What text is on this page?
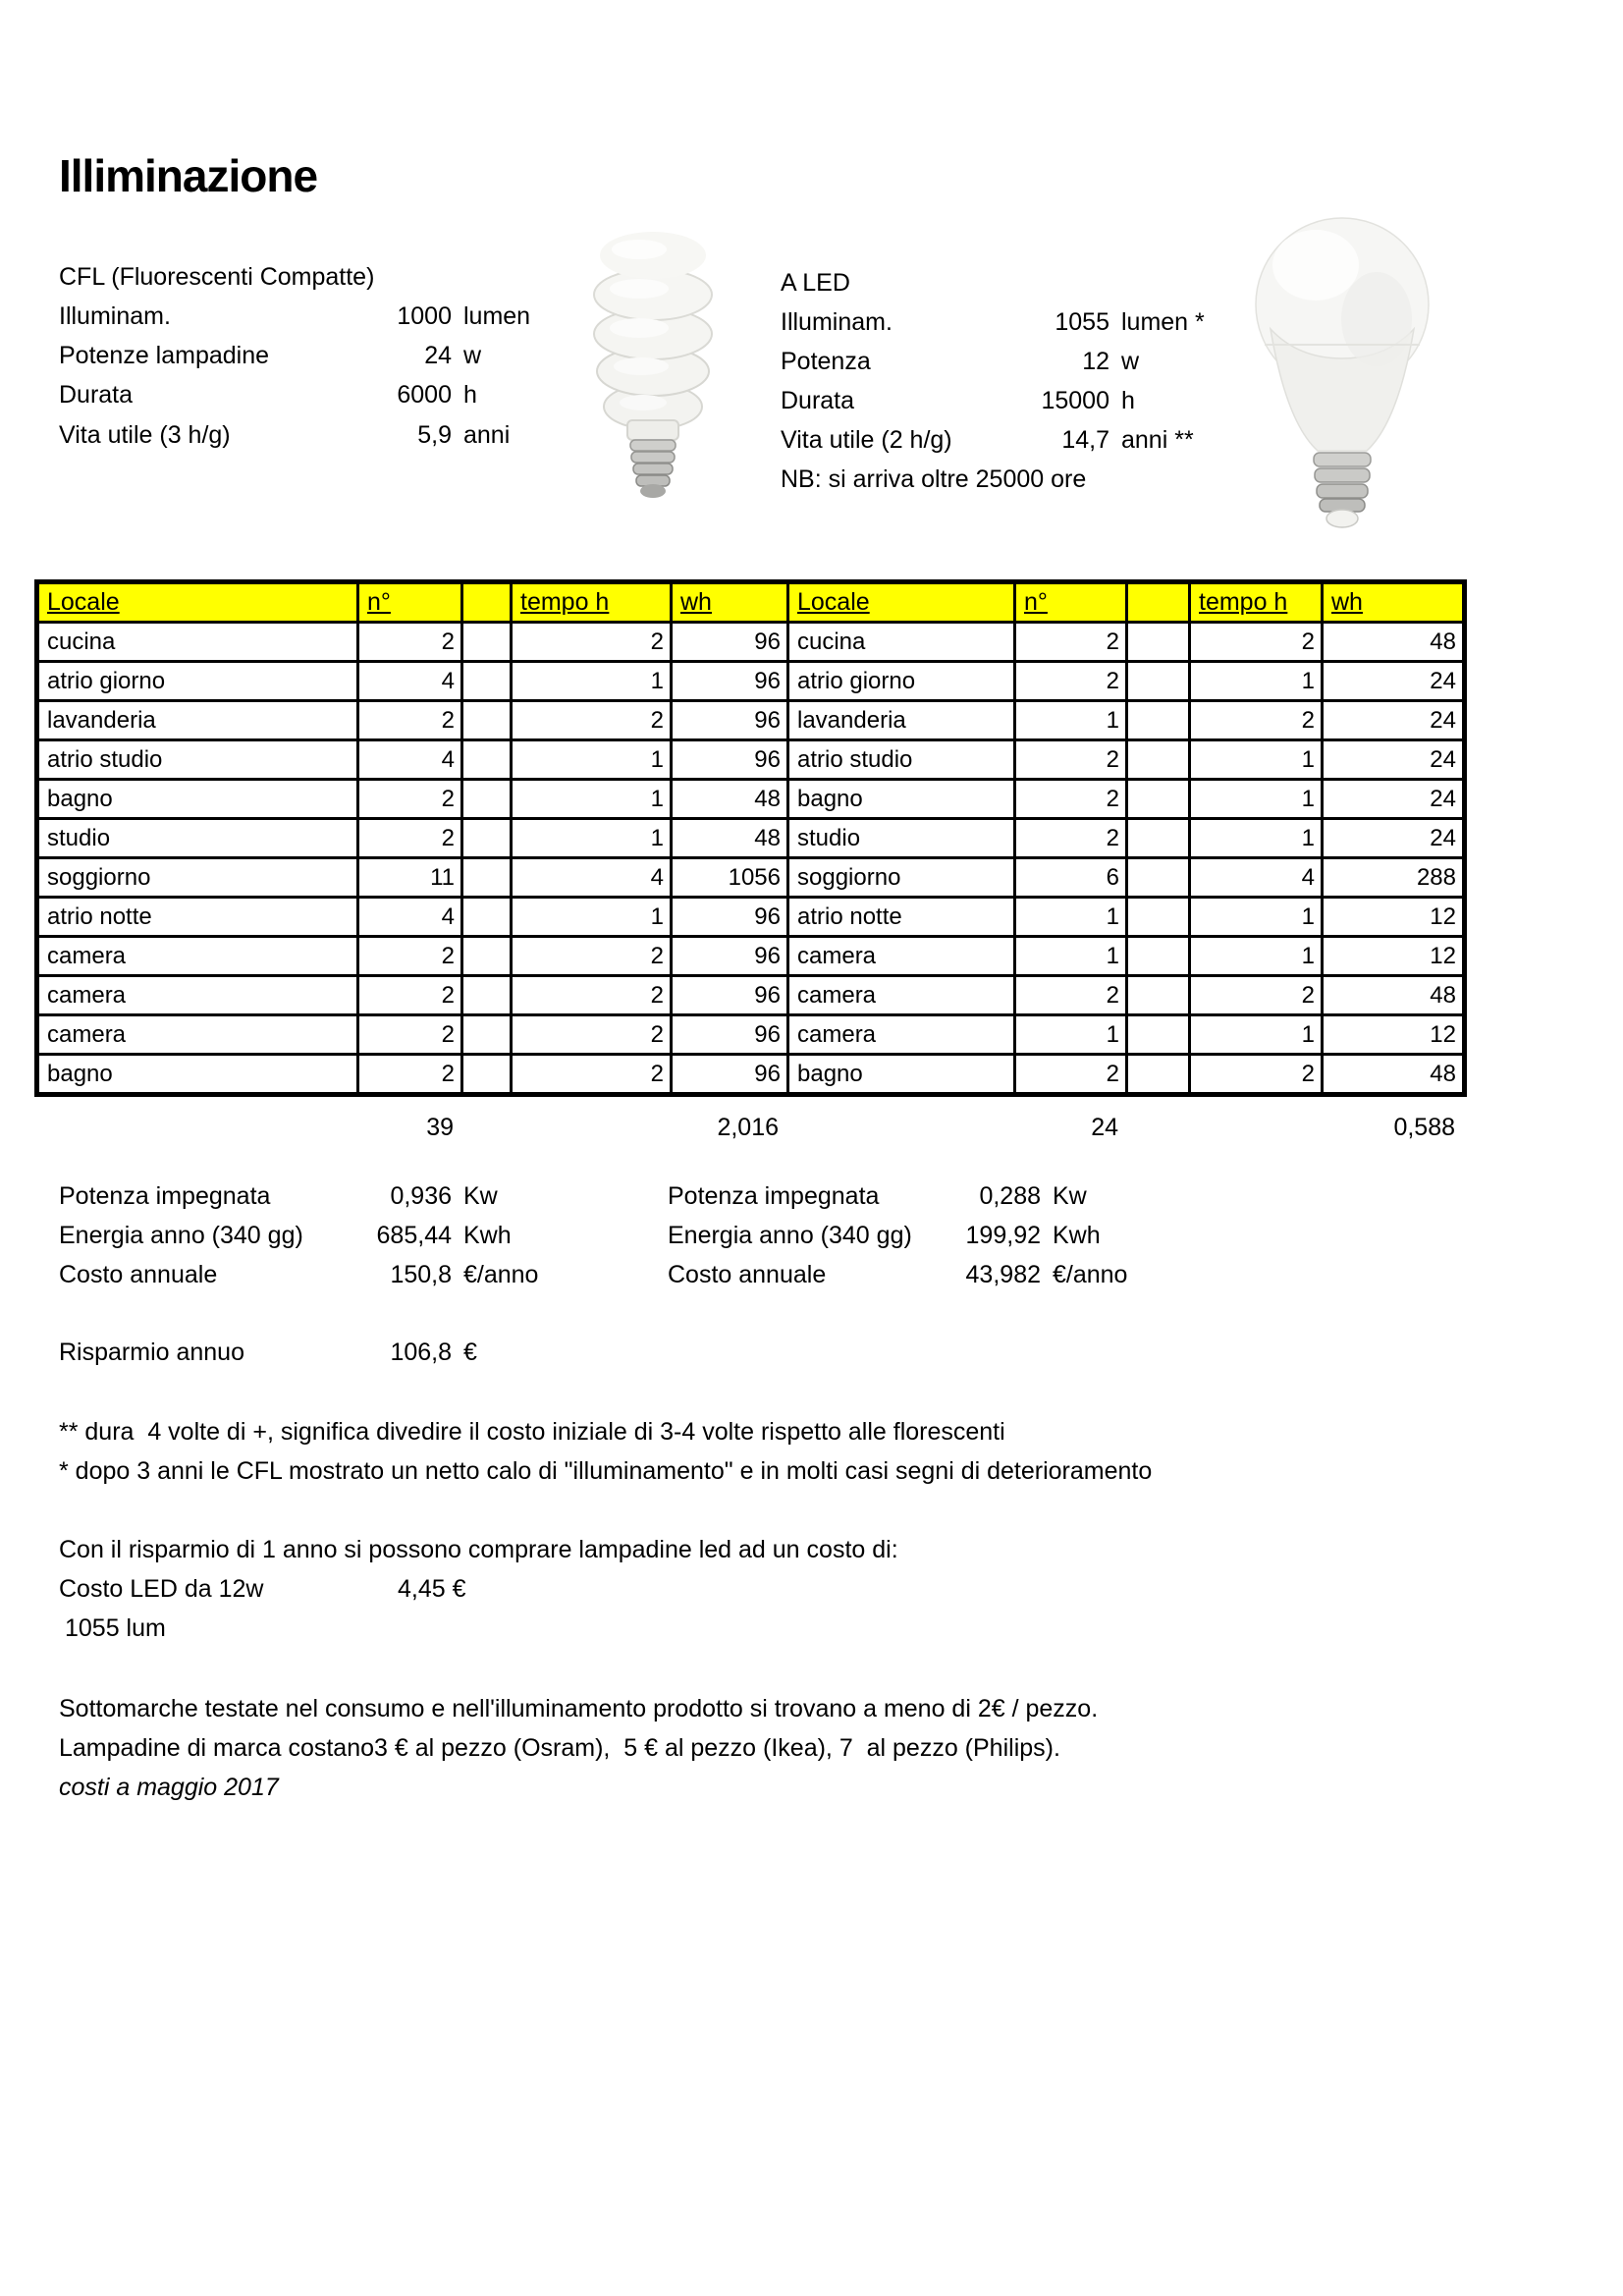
Illiminazione
CFL (Fluorescenti Compatte)
Illuminam.	1000 lumen
Potenze lampadine	24 w
Durata	6000 h
Vita utile (3 h/g)	5,9 anni
A LED
Illuminam.	1055 lumen *
Potenza	12 w
Durata	15000 h
Vita utile (2 h/g)	14,7 anni **
NB: si arriva oltre 25000 ore
Locale	n°		tempo h	wh	Locale	n°		tempo h	wh
cucina	2		2	96	cucina	2		2	48
atrio giorno	4		1	96	atrio giorno	2		1	24
lavanderia	2		2	96	lavanderia	1		2	24
atrio studio	4		1	96	atrio studio	2		1	24
bagno	2		1	48	bagno	2		1	24
studio	2		1	48	studio	2		1	24
soggiorno	11		4	1056	soggiorno	6		4	288
atrio notte	4		1	96	atrio notte	1		1	12
camera	2		2	96	camera	1		1	12
camera	2		2	96	camera	2		2	48
camera	2		2	96	camera	1		1	12
bagno	2		2	96	bagno	2		2	48
39	2,016	24	0,588
Potenza impegnata	0,936 Kw
Energia anno (340 gg)	685,44 Kwh
Costo annuale	150,8 €/anno
Potenza impegnata	0,288 Kw
Energia anno (340 gg)	199,92 Kwh
Costo annuale	43,982 €/anno
Risparmio annuo	106,8 €
** dura  4 volte di +, significa divedire il costo iniziale di 3-4 volte rispetto alle florescenti
* dopo 3 anni le CFL mostrato un netto calo di "illuminamento" e in molti casi segni di deterioramento
Con il risparmio di 1 anno si possono comprare lampadine led ad un costo di:
Costo LED da 12w	4,45 €
1055 lum
Sottomarche testate nel consumo e nell'illuminamento prodotto si trovano a meno di 2€ / pezzo.
Lampadine di marca costano3 € al pezzo (Osram),  5 € al pezzo (Ikea), 7  al pezzo (Philips).
costi a maggio 2017
